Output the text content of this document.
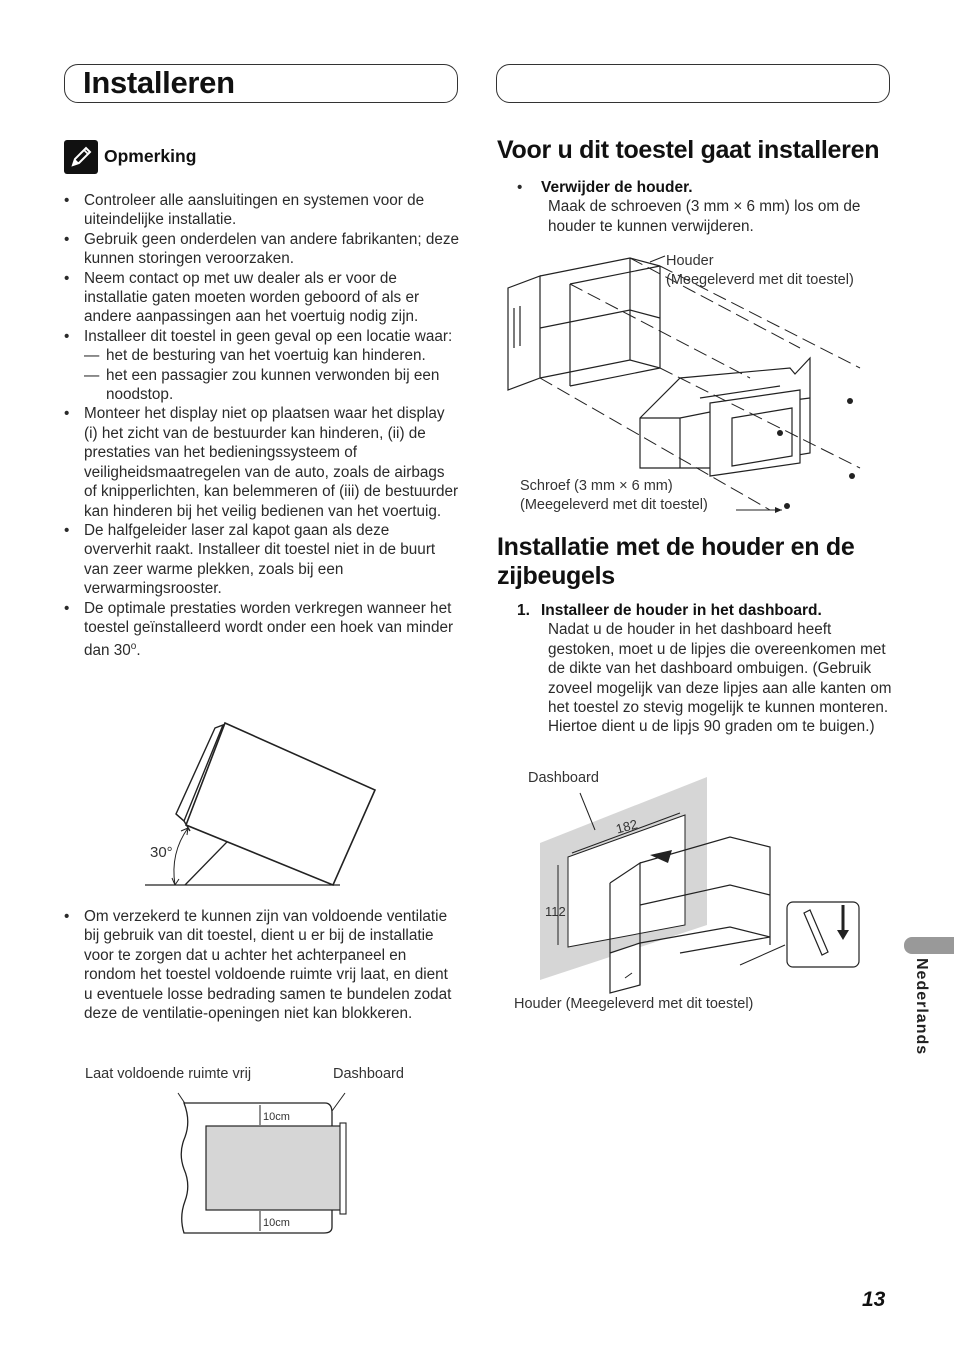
Installeren
Opmerking
• Controleer alle aansluitingen en systemen voor de uiteindelijke installatie.
• Gebruik geen onderdelen van andere fabrikanten; deze kunnen storingen veroorzaken.
• Neem contact op met uw dealer als er voor de installatie gaten moeten worden geboord of als er andere aanpassingen aan het voertuig nodig zijn.
• Installeer dit toestel in geen geval op een locatie waar:
— het de besturing van het voertuig kan hinderen.
— het een passagier zou kunnen verwonden bij een noodstop.
• Monteer het display niet op plaatsen waar het display (i) het zicht van de bestuurder kan hinderen, (ii) de prestaties van het bedieningssysteem of veiligheidsmaatregelen van de auto, zoals de airbags of knipperlichten, kan belemmeren of (iii) de bestuurder kan hinderen bij het veilig bedienen van het voertuig.
• De halfgeleider laser zal kapot gaan als deze oververhit raakt. Installeer dit toestel niet in de buurt van zeer warme plekken, zoals bij een verwarmingsrooster.
• De optimale prestaties worden verkregen wanneer het toestel geïnstalleerd wordt onder een hoek van minder dan 30$^o$.
30°
• Om verzekerd te kunnen zijn van voldoende ventilatie bij gebruik van dit toestel, dient u er bij de installatie voor te zorgen dat u achter het achterpaneel en rondom het toestel voldoende ruimte vrij laat, en dient u eventuele losse bedrading samen te bundelen zodat deze de ventilatie-openingen niet kan blokkeren.
Laat voldoende ruimte vrij	Dashboard
10cm
10cm
Voor u dit toestel gaat installeren
•	Verwijder de houder.
Maak de schroeven (3 mm × 6 mm) los om de houder te kunnen verwijderen.
Houder
(Meegeleverd met dit toestel)
Schroef (3 mm × 6 mm)
(Meegeleverd met dit toestel)
Installatie met de houder en de zijbeugels
1. Installeer de houder in het dashboard.
Nadat u de houder in het dashboard heeft gestoken, moet u de lipjes die overeenkomen met de dikte van het dashboard ombuigen. (Gebruik zoveel mogelijk van deze lipjes aan alle kanten om het toestel zo stevig mogelijk te kunnen monteren. Hiertoe dient u de lipjs 90 graden om te buigen.)
Dashboard
182
112
Houder (Meegeleverd met dit toestel)	Nederlands
13
